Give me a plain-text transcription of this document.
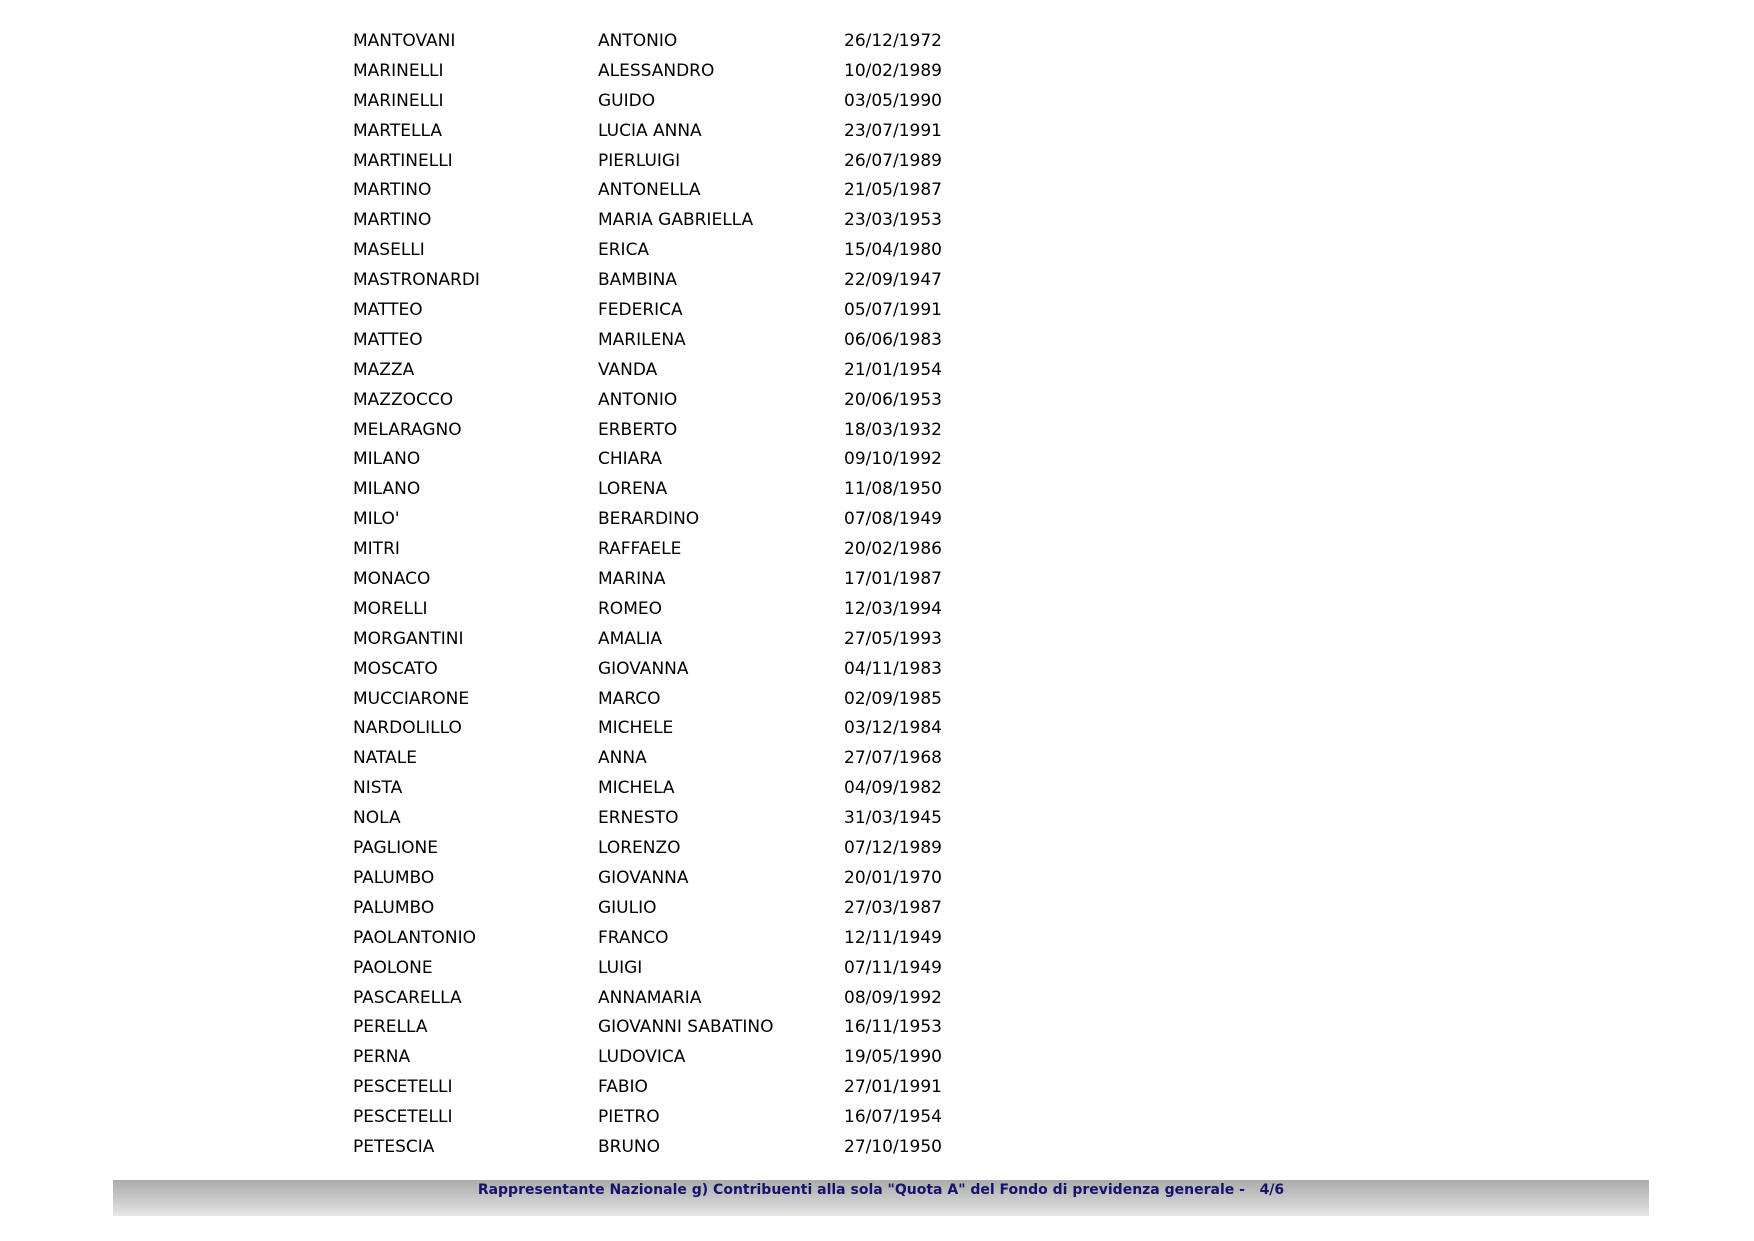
MANTOVANI	ANTONIO	26/12/1972
MARINELLI	ALESSANDRO	10/02/1989
MARINELLI	GUIDO	03/05/1990
MARTELLA	LUCIA ANNA	23/07/1991
MARTINELLI	PIERLUIGI	26/07/1989
MARTINO	ANTONELLA	21/05/1987
MARTINO	MARIA GABRIELLA	23/03/1953
MASELLI	ERICA	15/04/1980
MASTRONARDI	BAMBINA	22/09/1947
MATTEO	FEDERICA	05/07/1991
MATTEO	MARILENA	06/06/1983
MAZZA	VANDA	21/01/1954
MAZZOCCO	ANTONIO	20/06/1953
MELARAGNO	ERBERTO	18/03/1932
MILANO	CHIARA	09/10/1992
MILANO	LORENA	11/08/1950
MILO'	BERARDINO	07/08/1949
MITRI	RAFFAELE	20/02/1986
MONACO	MARINA	17/01/1987
MORELLI	ROMEO	12/03/1994
MORGANTINI	AMALIA	27/05/1993
MOSCATO	GIOVANNA	04/11/1983
MUCCIARONE	MARCO	02/09/1985
NARDOLILLO	MICHELE	03/12/1984
NATALE	ANNA	27/07/1968
NISTA	MICHELA	04/09/1982
NOLA	ERNESTO	31/03/1945
PAGLIONE	LORENZO	07/12/1989
PALUMBO	GIOVANNA	20/01/1970
PALUMBO	GIULIO	27/03/1987
PAOLANTONIO	FRANCO	12/11/1949
PAOLONE	LUIGI	07/11/1949
PASCARELLA	ANNAMARIA	08/09/1992
PERELLA	GIOVANNI SABATINO	16/11/1953
PERNA	LUDOVICA	19/05/1990
PESCETELLI	FABIO	27/01/1991
PESCETELLI	PIETRO	16/07/1954
PETESCIA	BRUNO	27/10/1950
Rappresentante Nazionale g) Contribuenti alla sola "Quota A" del Fondo di previdenza generale -   4/6
